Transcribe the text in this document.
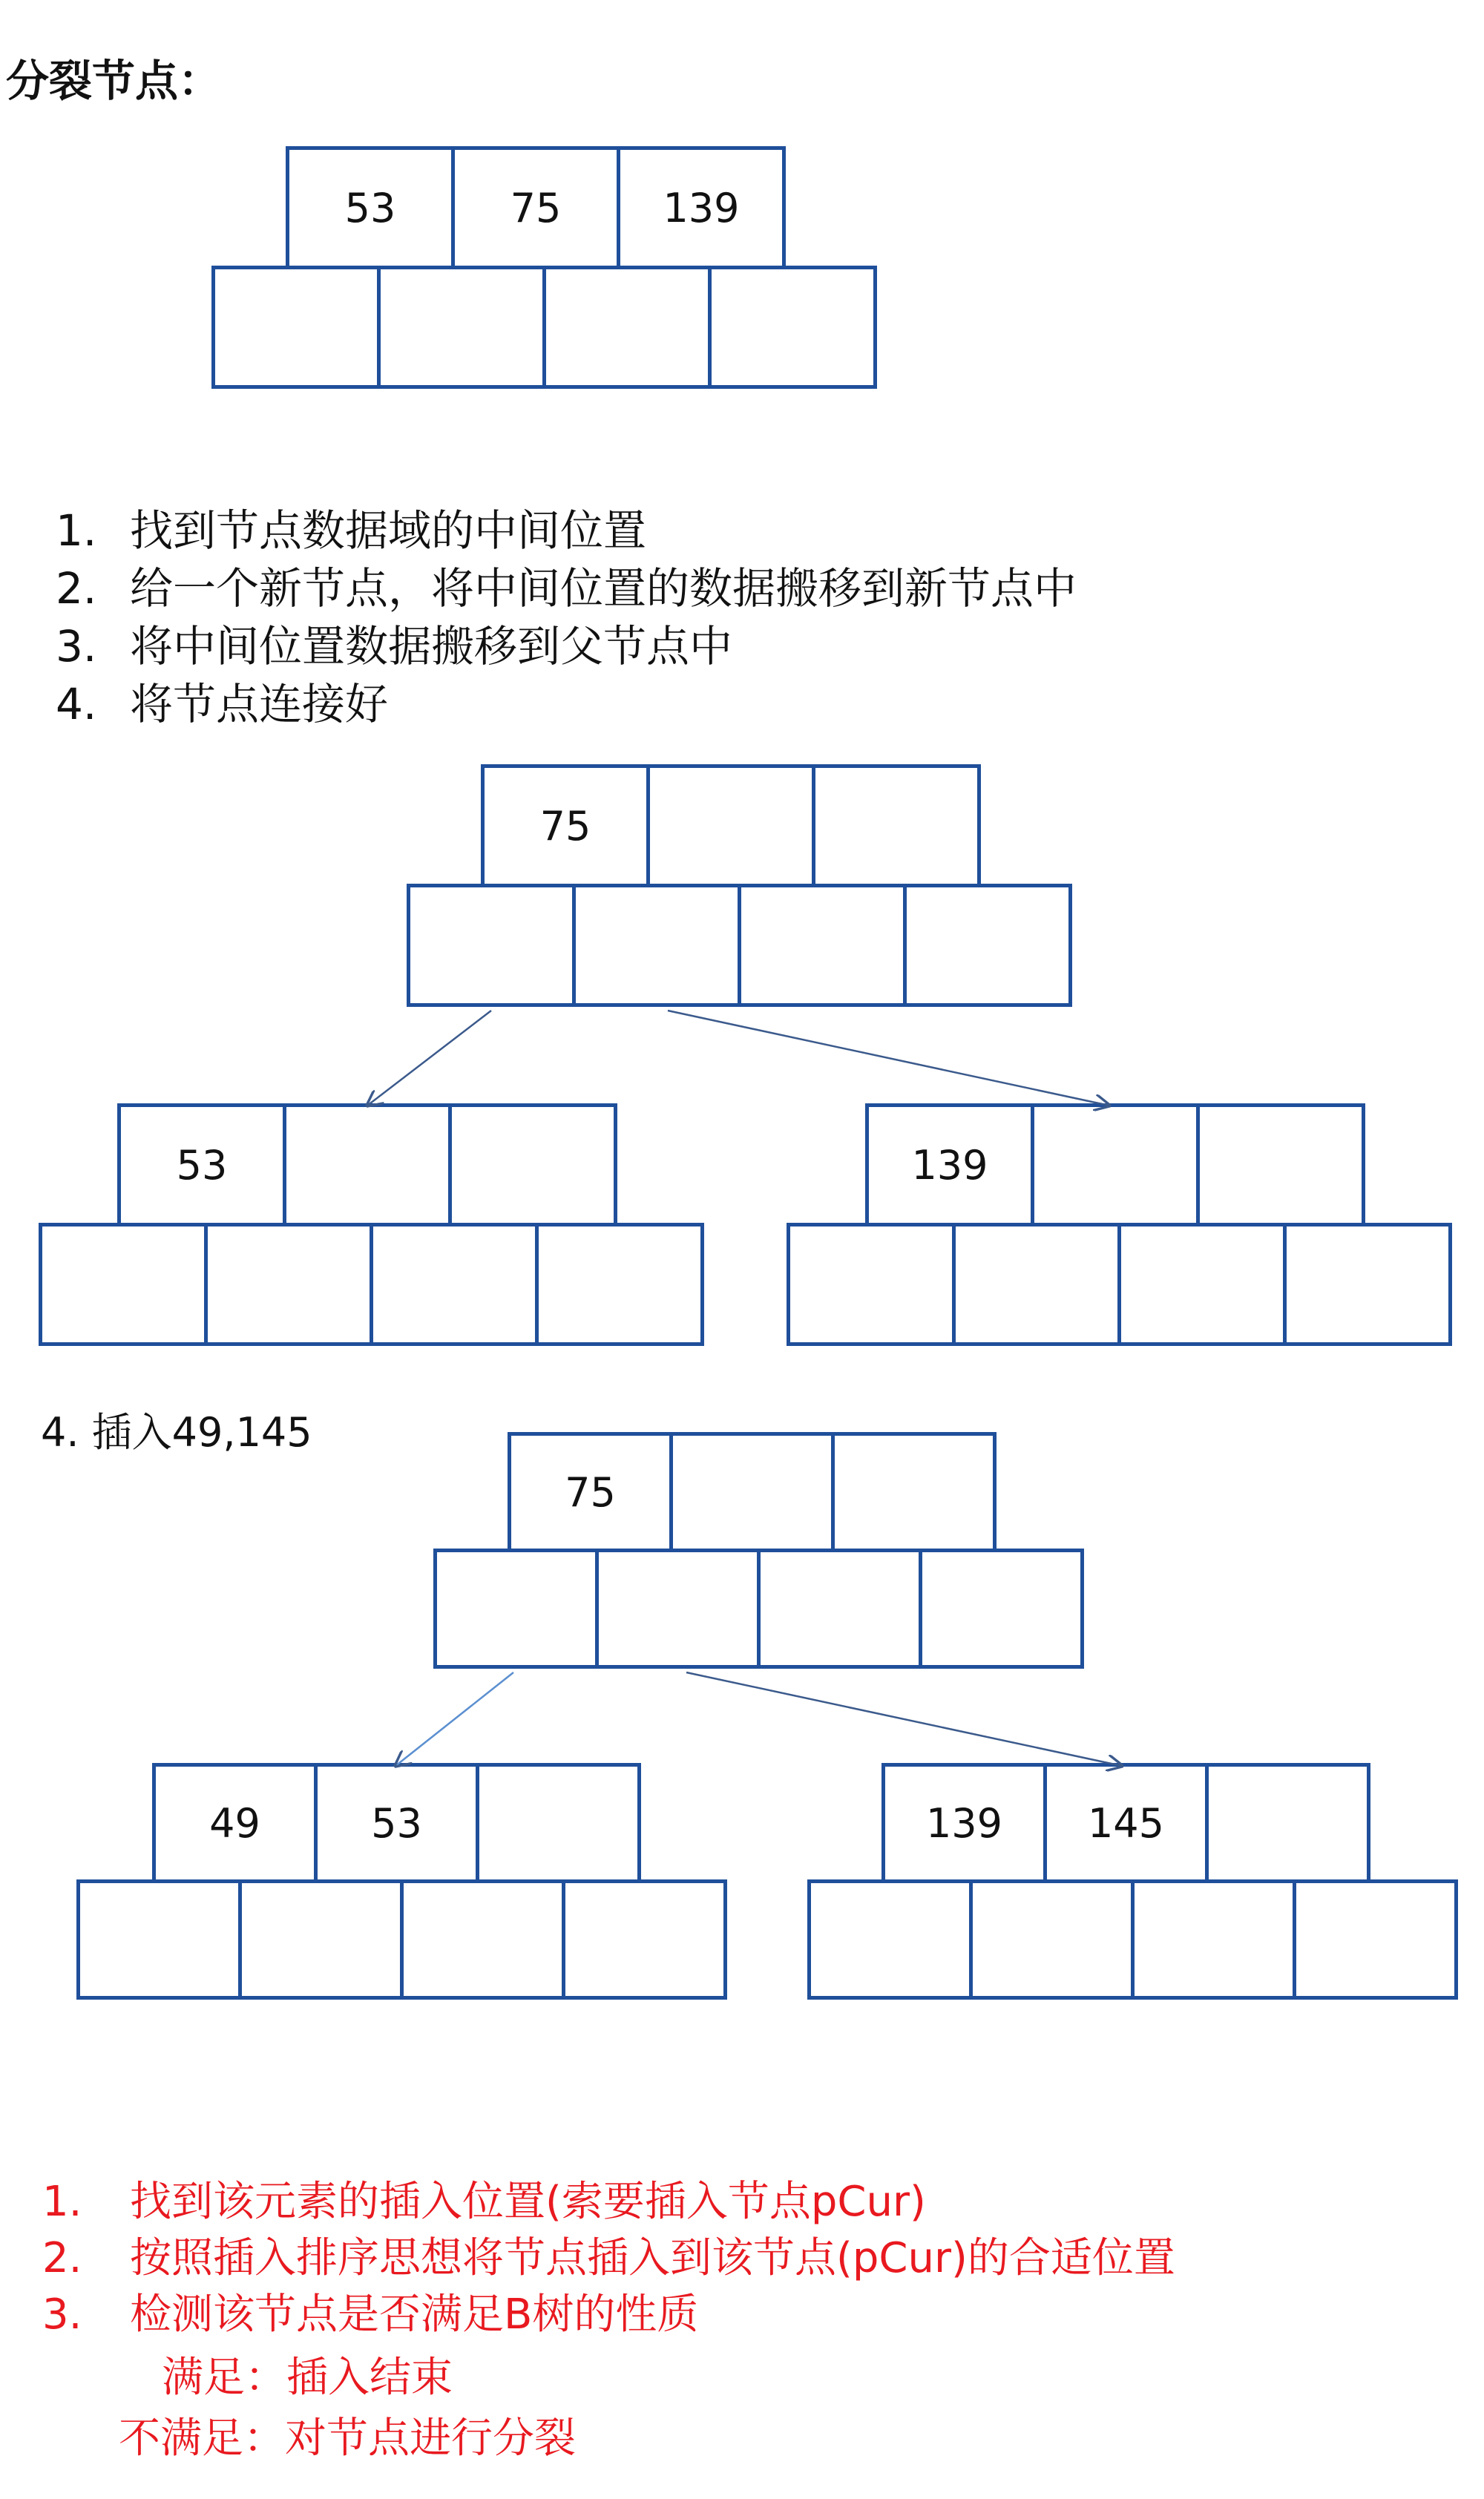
分裂节点：
53	75	139
1. 找到节点数据域的中间位置
2. 给一个新节点，将中间位置的数据搬移到新节点中
3. 将中间位置数据搬移到父节点中
4. 将节点连接好
75
53	139
4. 插入49,145
75
49	53	139	145
1. 找到该元素的插入位置(索要插入节点pCur)
2. 按照插入排序思想将节点插入到该节点(pCur)的合适位置
3. 检测该节点是否满足B树的性质
满足：插入结束
不满足：对节点进行分裂
